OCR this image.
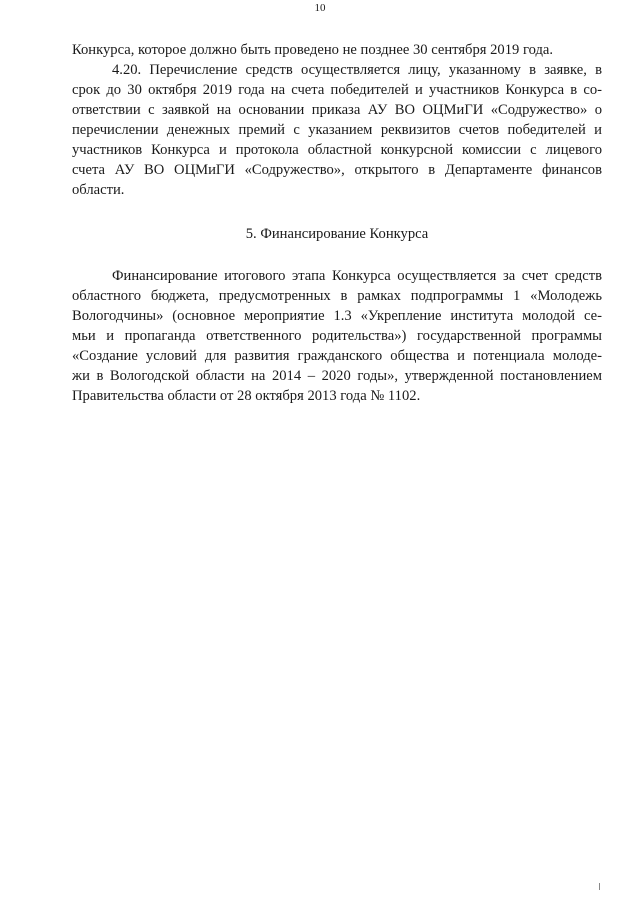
10
Конкурса, которое должно быть проведено не позднее 30 сентября 2019 года.
4.20. Перечисление средств осуществляется лицу, указанному в заявке, в
срок до 30 октября 2019 года на счета победителей и участников Конкурса в со-
ответствии с заявкой на основании приказа АУ ВО ОЦМиГИ «Содружество» о
перечислении денежных премий с указанием реквизитов счетов победителей и
участников Конкурса и протокола областной конкурсной комиссии с лицевого
счета АУ ВО ОЦМиГИ «Содружество», открытого в Департаменте финансов
области.
5. Финансирование Конкурса
Финансирование итогового этапа Конкурса осуществляется за счет средств
областного бюджета, предусмотренных в рамках подпрограммы 1 «Молодежь
Вологодчины» (основное мероприятие 1.3 «Укрепление института молодой се-
мьи и пропаганда ответственного родительства») государственной программы
«Создание условий для развития гражданского общества и потенциала молоде-
жи в Вологодской области на 2014 – 2020 годы», утвержденной постановлением
Правительства области от 28 октября 2013 года № 1102.
